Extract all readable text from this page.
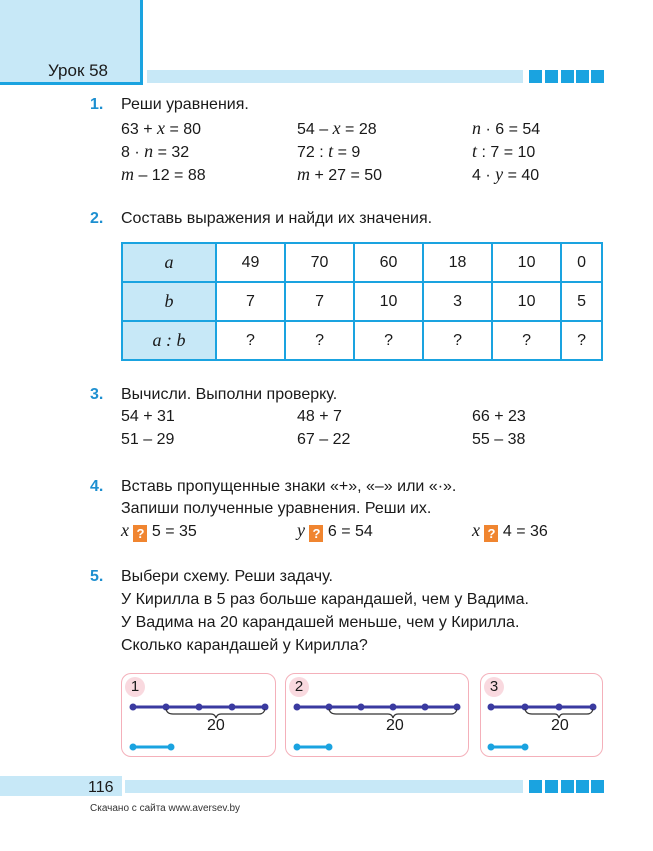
Урок 58
1. Реши уравнения.
2. Составь выражения и найди их значения.
a	49	70	60	18	10	0
b	7	7	10	3	10	5
a : b	?	?	?	?	?	?
3. Вычисли. Выполни проверку.
54 + 31	48 + 7	66 + 23
51 – 29	67 – 22	55 – 38
4. Вставь пропущенные знаки «+», «–» или «·».
Запиши полученные уравнения. Реши их.
x ? 5 = 35	y ? 6 = 54	x ? 4 = 36
5. Выбери схему. Реши задачу.
У Кирилла в 5 раз больше карандашей, чем у Вадима.
У Вадима на 20 карандашей меньше, чем у Кирилла.
Сколько карандашей у Кирилла?
1
20
2
20
3
20
116
Скачано с сайта www.aversev.by
63 + x = 80	54 – x = 28	n · 6 = 54
8 · n = 32	72 : t = 9	t : 7 = 10
m – 12 = 88	m + 27 = 50	4 · y = 40
